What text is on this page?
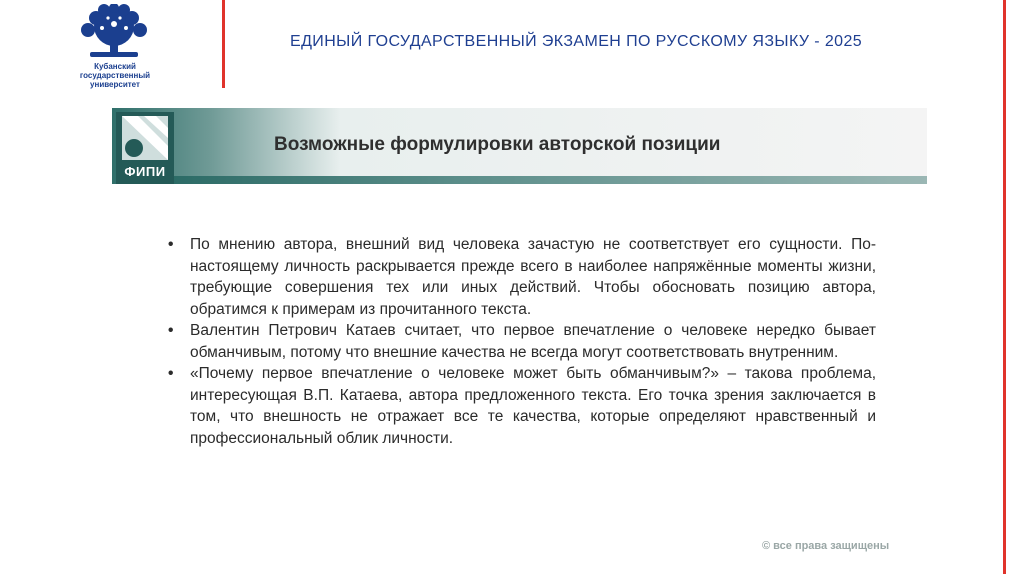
Кубанский
государственный
университет
ЕДИНЫЙ ГОСУДАРСТВЕННЫЙ ЭКЗАМЕН ПО РУССКОМУ ЯЗЫКУ - 2025
ФИПИ
Возможные формулировки авторской позиции
• По мнению автора, внешний вид человека зачастую не соответствует его сущности. По-настоящему личность раскрывается прежде всего в наиболее напряжённые моменты жизни, требующие совершения тех или иных действий. Чтобы обосновать позицию автора, обратимся к примерам из прочитанного текста.
• Валентин Петрович Катаев считает, что первое впечатление о человеке нередко бывает обманчивым, потому что внешние качества не всегда могут соответствовать внутренним.
• «Почему первое впечатление о человеке может быть обманчивым?» – такова проблема, интересующая В.П. Катаева, автора предложенного текста. Его точка зрения заключается в том, что внешность не отражает все те качества, которые определяют нравственный и профессиональный облик личности.
© все права защищены
